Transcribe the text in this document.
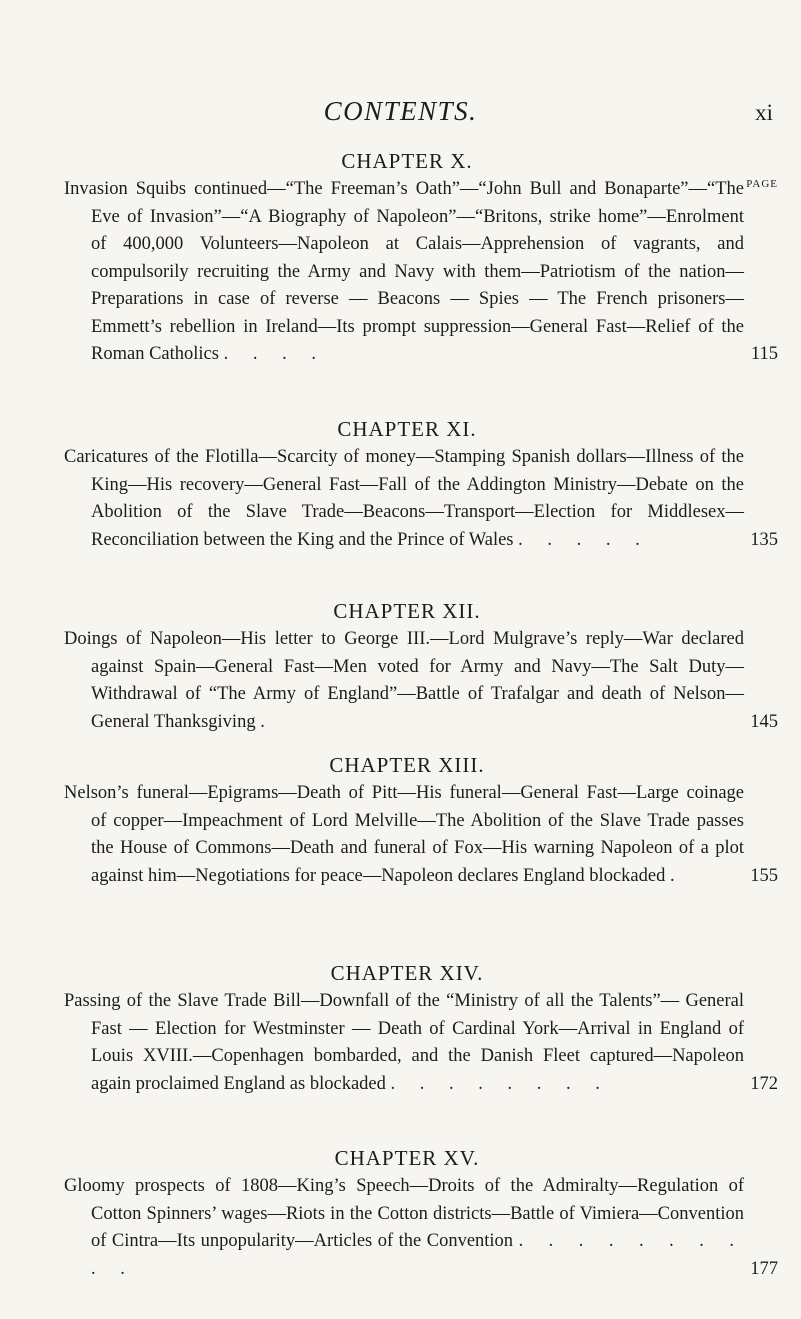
CONTENTS.	xi
CHAPTER X.
PAGE
Invasion Squibs continued—“The Freeman’s Oath”—“John Bull and Bonaparte”—“The Eve of Invasion”—“A Biography of Napoleon”—“Britons, strike home”—Enrolment of 400,000 Volunteers—Napoleon at Calais—Apprehension of vagrants, and compulsorily recruiting the Army and Navy with them—Patriotism of the nation—Preparations in case of reverse — Beacons — Spies — The French prisoners—Emmett’s rebellion in Ireland—Its prompt suppression—General Fast—Relief of the Roman Catholics . . . .	115
CHAPTER XI.
Caricatures of the Flotilla—Scarcity of money—Stamping Spanish dollars—Illness of the King—His recovery—General Fast—Fall of the Addington Ministry—Debate on the Abolition of the Slave Trade—Beacons—Transport—Election for Middlesex—Reconciliation between the King and the Prince of Wales . . . . .	135
CHAPTER XII.
Doings of Napoleon—His letter to George III.—Lord Mulgrave’s reply—War declared against Spain—General Fast—Men voted for Army and Navy—The Salt Duty—Withdrawal of “The Army of England”—Battle of Trafalgar and death of Nelson—General Thanksgiving .	145
CHAPTER XIII.
Nelson’s funeral—Epigrams—Death of Pitt—His funeral—General Fast—Large coinage of copper—Impeachment of Lord Melville—The Abolition of the Slave Trade passes the House of Commons—Death and funeral of Fox—His warning Napoleon of a plot against him—Negotiations for peace—Napoleon declares England blockaded .	155
CHAPTER XIV.
Passing of the Slave Trade Bill—Downfall of the “Ministry of all the Talents”— General Fast — Election for Westminster — Death of Cardinal York—Arrival in England of Louis XVIII.—Copenhagen bombarded, and the Danish Fleet captured—Napoleon again proclaimed England as blockaded . . . . . . . .	172
CHAPTER XV.
Gloomy prospects of 1808—King’s Speech—Droits of the Admiralty—Regulation of Cotton Spinners’ wages—Riots in the Cotton districts—Battle of Vimiera—Convention of Cintra—Its unpopularity—Articles of the Convention . . . . . . . . . .	177
